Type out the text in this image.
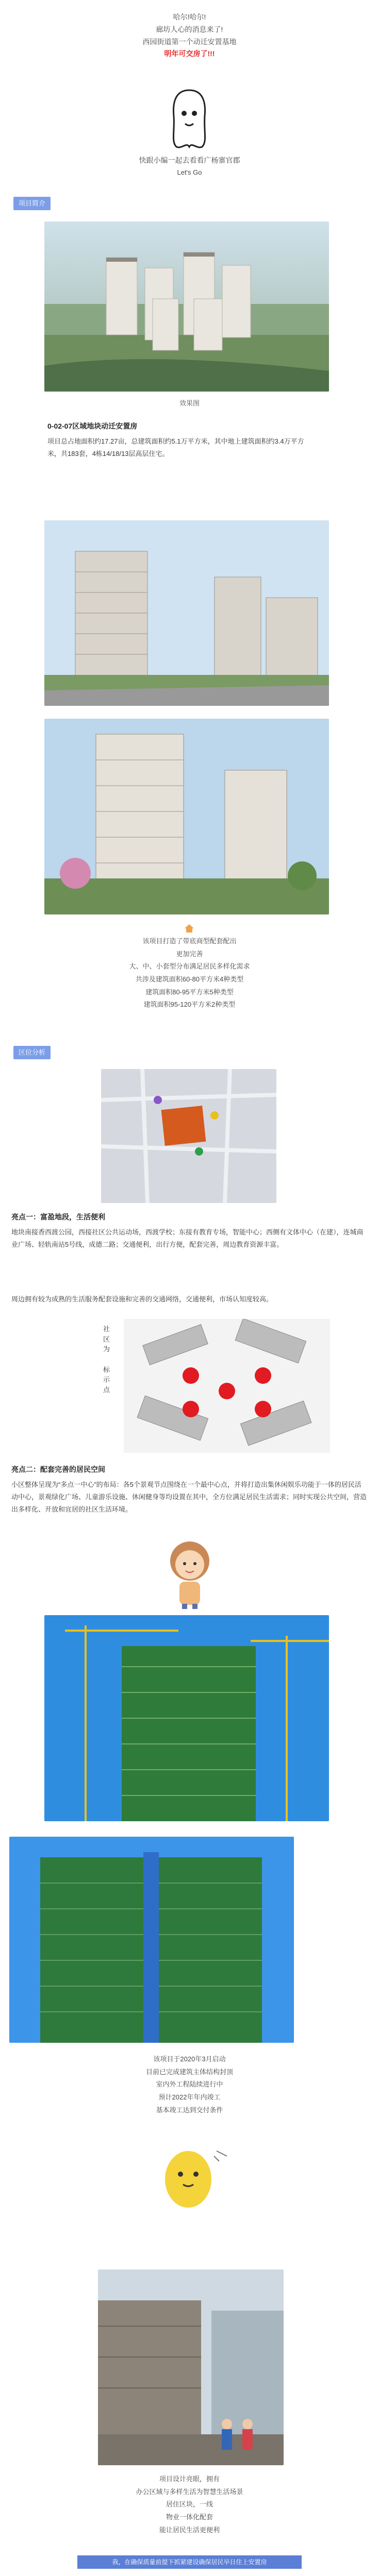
哈尔!哈尔!

廊坊人心的消息来了!

西园街道第一个动迁安置基地

明年可交房了!!!

快跟小编一起去看看广杨寨官郡
Let's Go
项目简介
效果图
0-02-07区域地块动迁安置房
项目总占地面积约17.27亩，总建筑面积约5.1万平方米，其中地上建筑面积约3.4万平方米，共183套，4栋14/18/13层高层住宅。

该项目打造了带底商型配套配出

更加完善

大、中、小套型分布满足居民多样化需求

共涉及建筑面积60-80平方米4种类型

建筑面积80-95平方米5种类型

建筑面积95-120平方米2种类型

区位分析
亮点一：富盈地段，生活便利
地块南接香西渡公园，西接社区公共运动场，西渡学校；东接有教育专场，智能中心；西侧有文体中心（在建），连城商业广场、轻轨南站5号线，成德二路；交通便利，出行方便，配套完善，周边教育资源丰富。
周边拥有较为成熟的生活服务配套设施和完善的交通网络，交通便利，市场认知度较高。
社
区
为
标
示
点
亮点二：配套完善的居民空间
小区整体呈现为“多点一中心”的布局：各5个景观节点围绕在一个最中心点，并将打造出集休闲娱乐功能于一体的居民活动中心，景观绿化广场、儿童游乐设施、休闲健身等均设置在其中，全方位满足居民生活需求；同时实现公共空间，营造出多样化、开放和宜居的社区生活环境。

该项目于2020年3月启动

目前已完成建筑主体结构封顶

室内外工程陆续进行中

预计2022年年内竣工

基本竣工达到交付条件

项目设计亮眼，拥有

办公区域与多样生活为智慧生活场景

居住区块，一线

物业一体化配套

能让居民生活更便利

我，在确保质量前提下抓紧建设确保居民早日住上安置房
